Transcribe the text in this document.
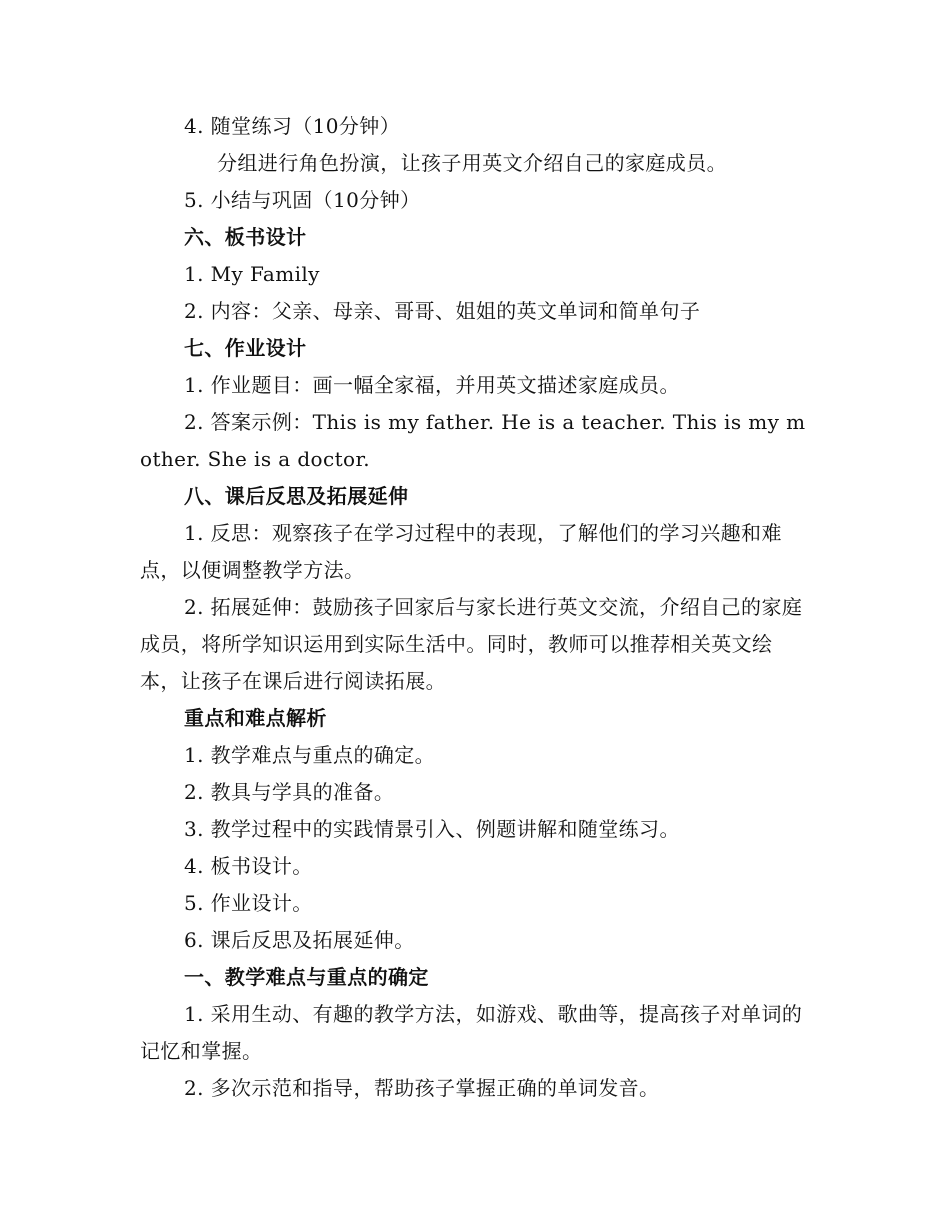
4. 随堂练习（10分钟）

分组进行角色扮演，让孩子用英文介绍自己的家庭成员。

5. 小结与巩固（10分钟）

六、板书设计

1. My Family

2. 内容：父亲、母亲、哥哥、姐姐的英文单词和简单句子

七、作业设计

1. 作业题目：画一幅全家福，并用英文描述家庭成员。

2. 答案示例：This is my father. He is a teacher. This is my mother. She is a doctor.

八、课后反思及拓展延伸

1. 反思：观察孩子在学习过程中的表现，了解他们的学习兴趣和难点，以便调整教学方法。

2. 拓展延伸：鼓励孩子回家后与家长进行英文交流，介绍自己的家庭成员，将所学知识运用到实际生活中。同时，教师可以推荐相关英文绘本，让孩子在课后进行阅读拓展。

重点和难点解析

1. 教学难点与重点的确定。

2. 教具与学具的准备。

3. 教学过程中的实践情景引入、例题讲解和随堂练习。

4. 板书设计。

5. 作业设计。

6. 课后反思及拓展延伸。

一、教学难点与重点的确定

1. 采用生动、有趣的教学方法，如游戏、歌曲等，提高孩子对单词的记忆和掌握。

2. 多次示范和指导，帮助孩子掌握正确的单词发音。
